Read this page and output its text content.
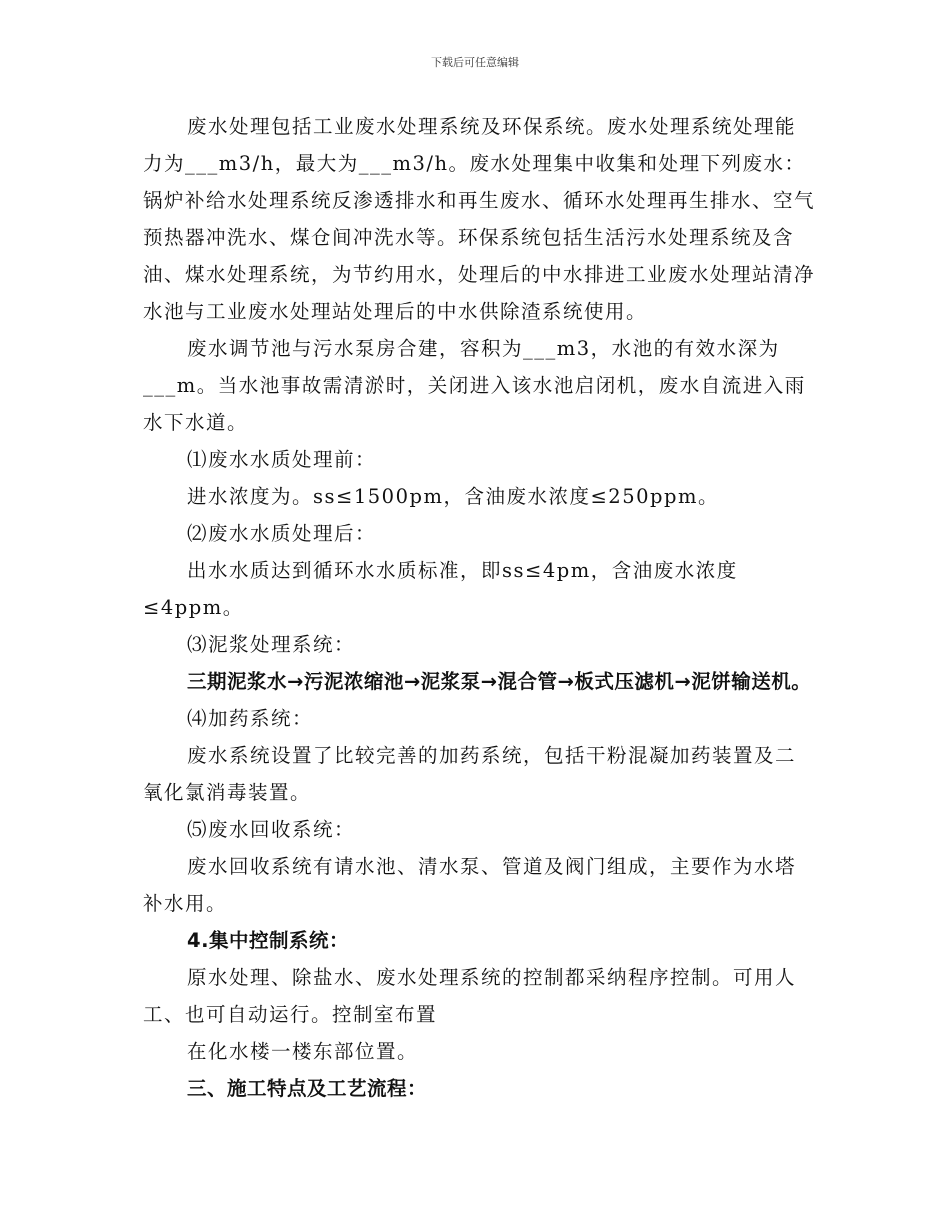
下载后可任意编辑

废水处理包括工业废水处理系统及环保系统。废水处理系统处理能力为___m3/h，最大为___m3/h。废水处理集中收集和处理下列废水：锅炉补给水处理系统反渗透排水和再生废水、循环水处理再生排水、空气预热器冲洗水、煤仓间冲洗水等。环保系统包括生活污水处理系统及含油、煤水处理系统，为节约用水，处理后的中水排进工业废水处理站清净水池与工业废水处理站处理后的中水供除渣系统使用。

废水调节池与污水泵房合建，容积为___m3，水池的有效水深为___m。当水池事故需清淤时，关闭进入该水池启闭机，废水自流进入雨水下水道。

⑴废水水质处理前：

进水浓度为。ss≤1500pm，含油废水浓度≤250ppm。

⑵废水水质处理后：

出水水质达到循环水水质标准，即ss≤4pm，含油废水浓度≤4ppm。

⑶泥浆处理系统：

三期泥浆水→污泥浓缩池→泥浆泵→混合管→板式压滤机→泥饼输送机。

⑷加药系统：

废水系统设置了比较完善的加药系统，包括干粉混凝加药装置及二氧化氯消毒装置。

⑸废水回收系统：

废水回收系统有请水池、清水泵、管道及阀门组成，主要作为水塔补水用。

4.集中控制系统：

原水处理、除盐水、废水处理系统的控制都采纳程序控制。可用人工、也可自动运行。控制室布置

在化水楼一楼东部位置。

三、施工特点及工艺流程：
